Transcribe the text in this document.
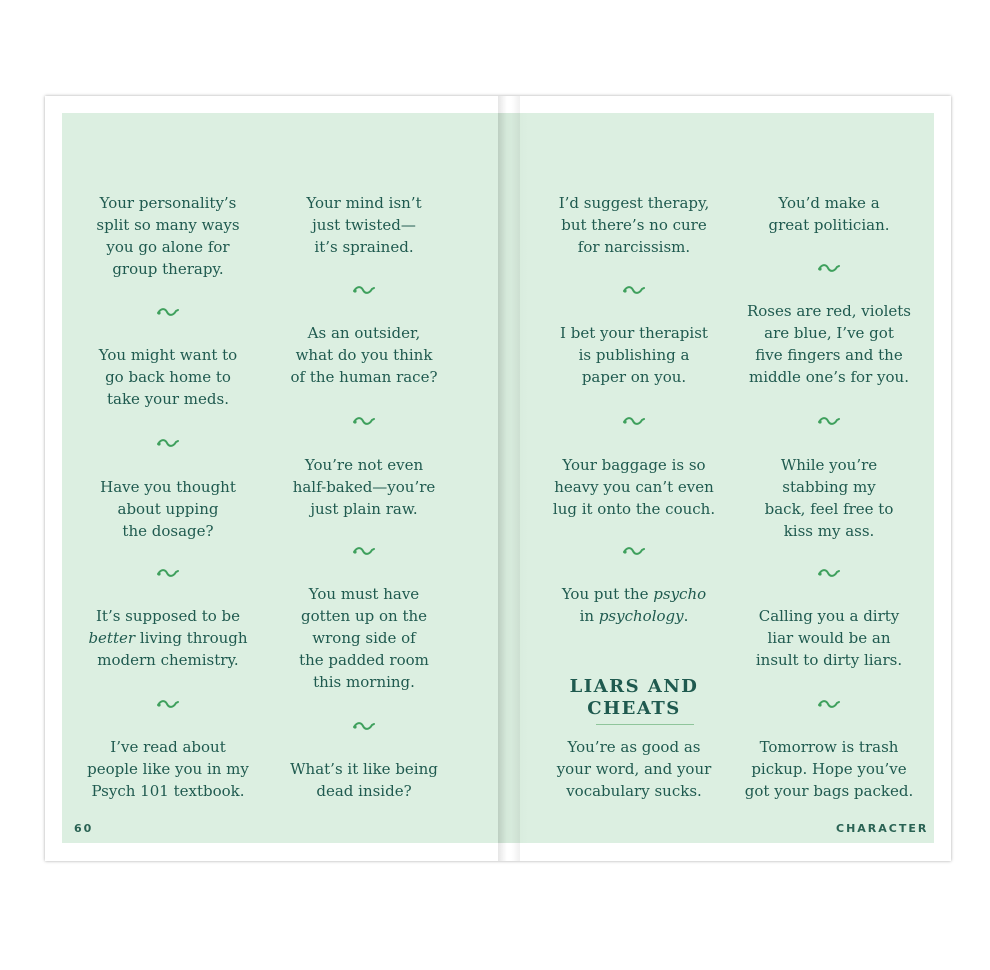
Your personality’s
split so many ways
you go alone for
group therapy.
You might want to
go back home to
take your meds.
Have you thought
about upping
the dosage?
It’s supposed to be
better living through
modern chemistry.
I’ve read about
people like you in my
Psych 101 textbook.
Your mind isn’t
just twisted—
it’s sprained.
As an outsider,
what do you think
of the human race?
You’re not even
half-baked—you’re
just plain raw.
You must have
gotten up on the
wrong side of
the padded room
this morning.
What’s it like being
dead inside?
I’d suggest therapy,
but there’s no cure
for narcissism.
I bet your therapist
is publishing a
paper on you.
Your baggage is so
heavy you can’t even
lug it onto the couch.
You put the psycho
in psychology.
LIARS AND
CHEATS
You’re as good as
your word, and your
vocabulary sucks.
You’d make a
great politician.
Roses are red, violets
are blue, I’ve got
five fingers and the
middle one’s for you.
While you’re
stabbing my
back, feel free to
kiss my ass.
Calling you a dirty
liar would be an
insult to dirty liars.
Tomorrow is trash
pickup. Hope you’ve
got your bags packed.
60	CHARACTER
